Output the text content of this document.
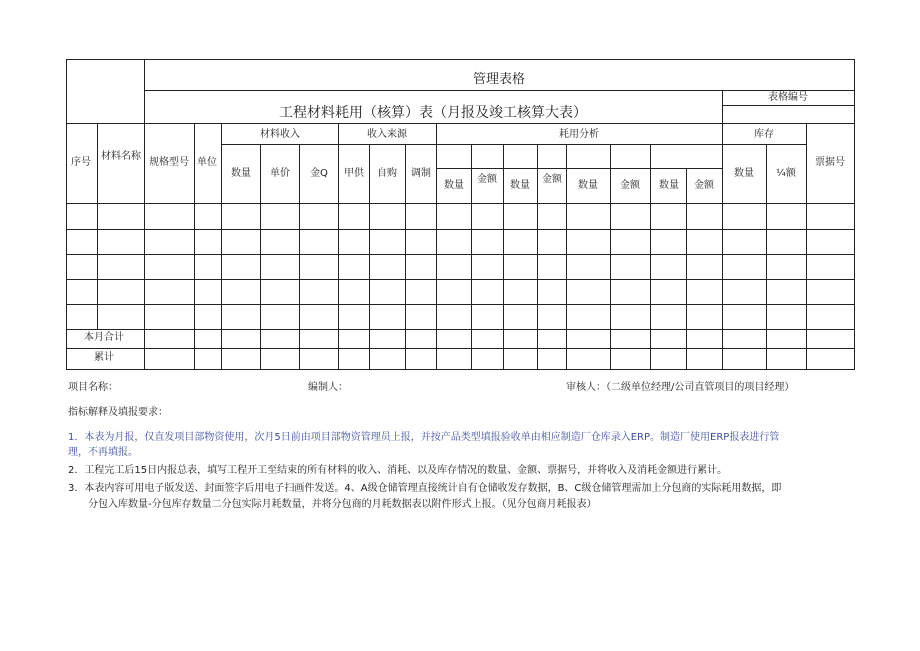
管理表格
工程材料耗用（核算）表（月报及竣工核算大表）
表格编号
序号
材料名称
规格型号 单位
材料收入
数量 单价 金Q
收入来源
甲供 自购 调制
耗用分析
数量
金额
数量
金额
数量 金额 数量 金额
库存
数量 ¼额
票据号
本月合计
累计
项目名称：	编制人：	审核人：（二级单位经理/公司直管项目的项目经理）
指标解释及填报要求：
1．本表为月报，仅直发项目部物资使用，次月5日前由项目部物资管理员上报，并按产品类型填报验收单由相应制造厂仓库录入ERP。制造厂使用ERP报表进行管
理，不再填报。
2．工程完工后15日内报总表，填写工程开工至结束的所有材料的收入、消耗、以及库存情况的数量、金额、票据号，并将收入及消耗金额进行累计。
3．本表内容可用电子版发送、封面签字后用电子扫画件发送。4、A级仓储管理直接统计自有仓储收发存数据，B、C级仓储管理需加上分包商的实际耗用数据，即
分包入库数量-分包库存数量二分包实际月耗数量，并将分包商的月耗数据表以附件形式上报。（见分包商月耗报表）
